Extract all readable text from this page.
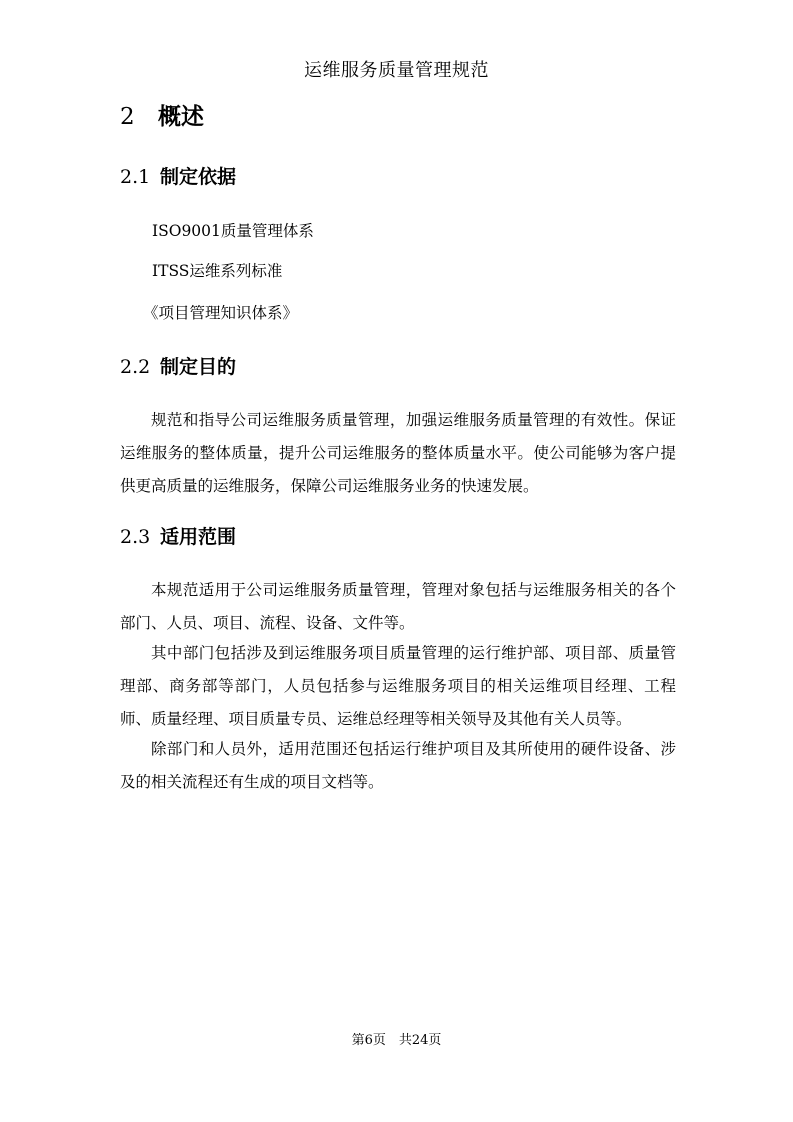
运维服务质量管理规范
2 概述
2.1 制定依据
ISO9001质量管理体系
ITSS运维系列标准
《项目管理知识体系》
2.2 制定目的
规范和指导公司运维服务质量管理，加强运维服务质量管理的有效性。保证运维服务的整体质量，提升公司运维服务的整体质量水平。使公司能够为客户提供更高质量的运维服务，保障公司运维服务业务的快速发展。
2.3 适用范围
本规范适用于公司运维服务质量管理，管理对象包括与运维服务相关的各个部门、人员、项目、流程、设备、文件等。
其中部门包括涉及到运维服务项目质量管理的运行维护部、项目部、质量管理部、商务部等部门，人员包括参与运维服务项目的相关运维项目经理、工程师、质量经理、项目质量专员、运维总经理等相关领导及其他有关人员等。
除部门和人员外，适用范围还包括运行维护项目及其所使用的硬件设备、涉及的相关流程还有生成的项目文档等。
第6页　共24页
